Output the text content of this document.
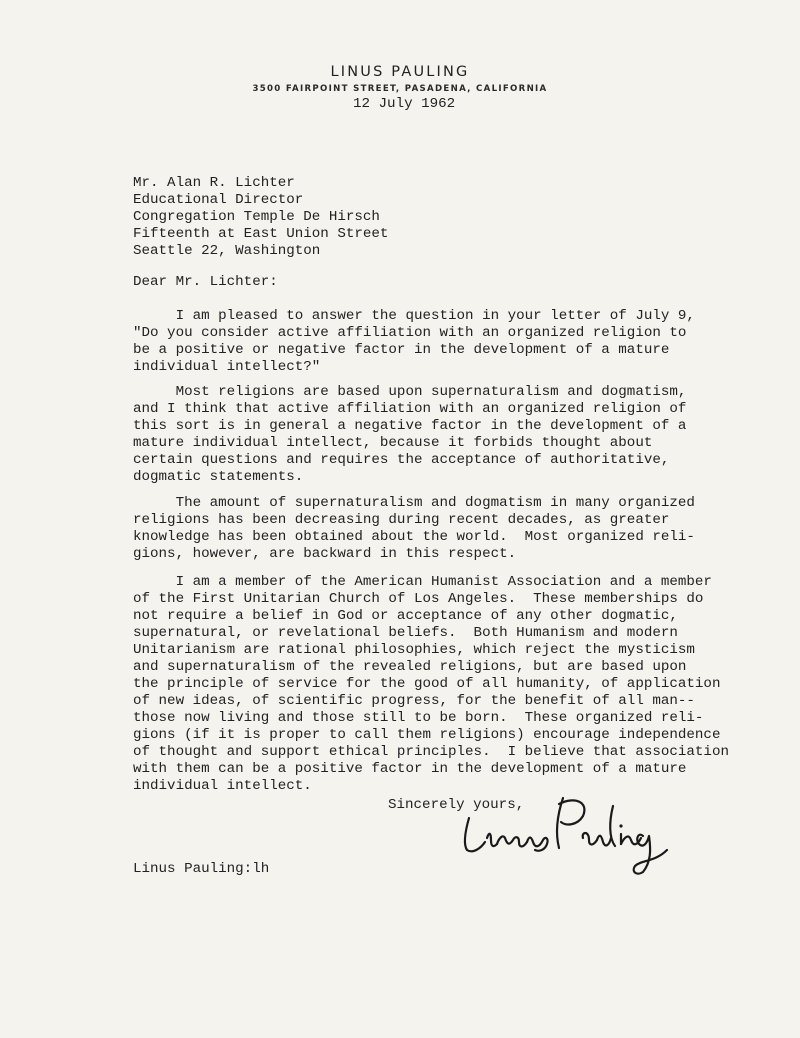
LINUS PAULING
3500 FAIRPOINT STREET, PASADENA, CALIFORNIA
12 July 1962
Mr. Alan R. Lichter
Educational Director
Congregation Temple De Hirsch
Fifteenth at East Union Street
Seattle 22, Washington
Dear Mr. Lichter:
I am pleased to answer the question in your letter of July 9,
"Do you consider active affiliation with an organized religion to
be a positive or negative factor in the development of a mature
individual intellect?"
Most religions are based upon supernaturalism and dogmatism,
and I think that active affiliation with an organized religion of
this sort is in general a negative factor in the development of a
mature individual intellect, because it forbids thought about
certain questions and requires the acceptance of authoritative,
dogmatic statements.
The amount of supernaturalism and dogmatism in many organized
religions has been decreasing during recent decades, as greater
knowledge has been obtained about the world.  Most organized reli-
gions, however, are backward in this respect.
I am a member of the American Humanist Association and a member
of the First Unitarian Church of Los Angeles.  These memberships do
not require a belief in God or acceptance of any other dogmatic,
supernatural, or revelational beliefs.  Both Humanism and modern
Unitarianism are rational philosophies, which reject the mysticism
and supernaturalism of the revealed religions, but are based upon
the principle of service for the good of all humanity, of application
of new ideas, of scientific progress, for the benefit of all man--
those now living and those still to be born.  These organized reli-
gions (if it is proper to call them religions) encourage independence
of thought and support ethical principles.  I believe that association
with them can be a positive factor in the development of a mature
individual intellect.
Sincerely yours,
Linus Pauling:lh
